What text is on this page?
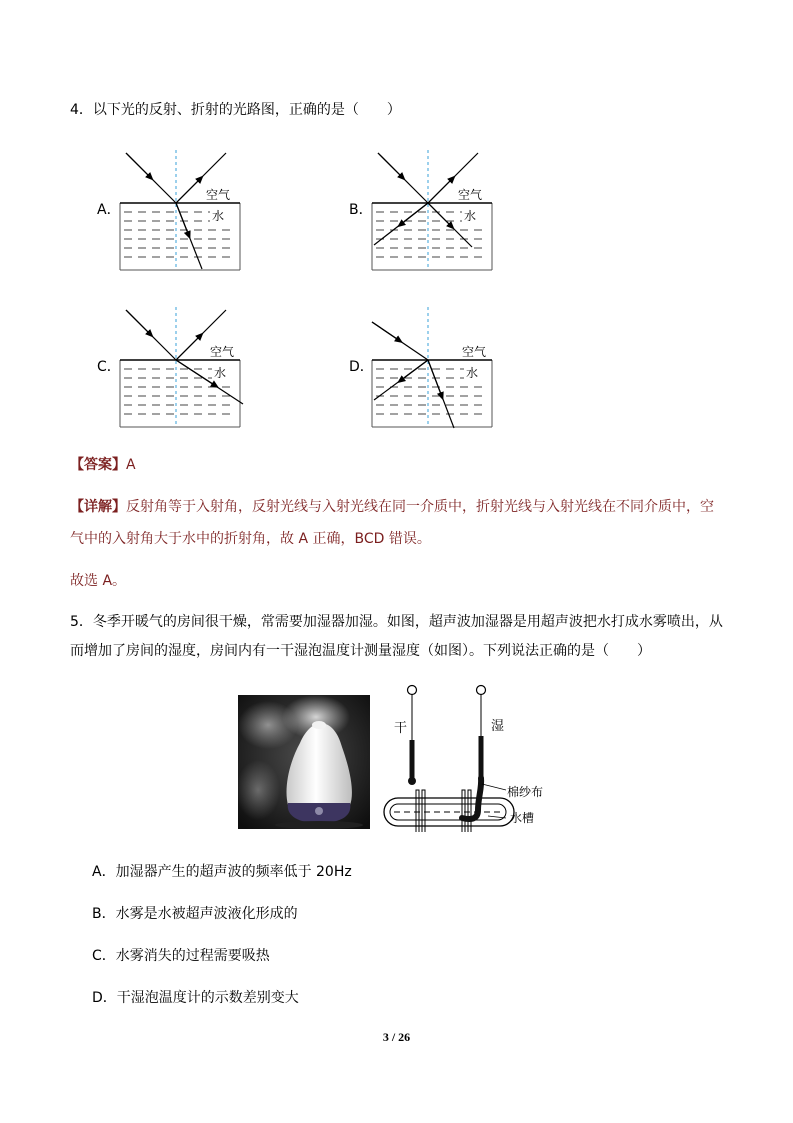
4．以下光的反射、折射的光路图，正确的是（　　）
A．	B．
C．	D．
空气
水
空气
水
空气
水
空气
水
【答案】A
【详解】反射角等于入射角，反射光线与入射光线在同一介质中，折射光线与入射光线在不同介质中，空
气中的入射角大于水中的折射角，故 A 正确，BCD 错误。
故选 A。
5．冬季开暖气的房间很干燥，常需要加湿器加湿。如图，超声波加湿器是用超声波把水打成水雾喷出，从
而增加了房间的湿度，房间内有一干湿泡温度计测量湿度（如图）。下列说法正确的是（　　）
干	湿
棉纱布
水槽
A．加湿器产生的超声波的频率低于 20Hz
B．水雾是水被超声波液化形成的
C．水雾消失的过程需要吸热
D．干湿泡温度计的示数差别变大
3 / 26
